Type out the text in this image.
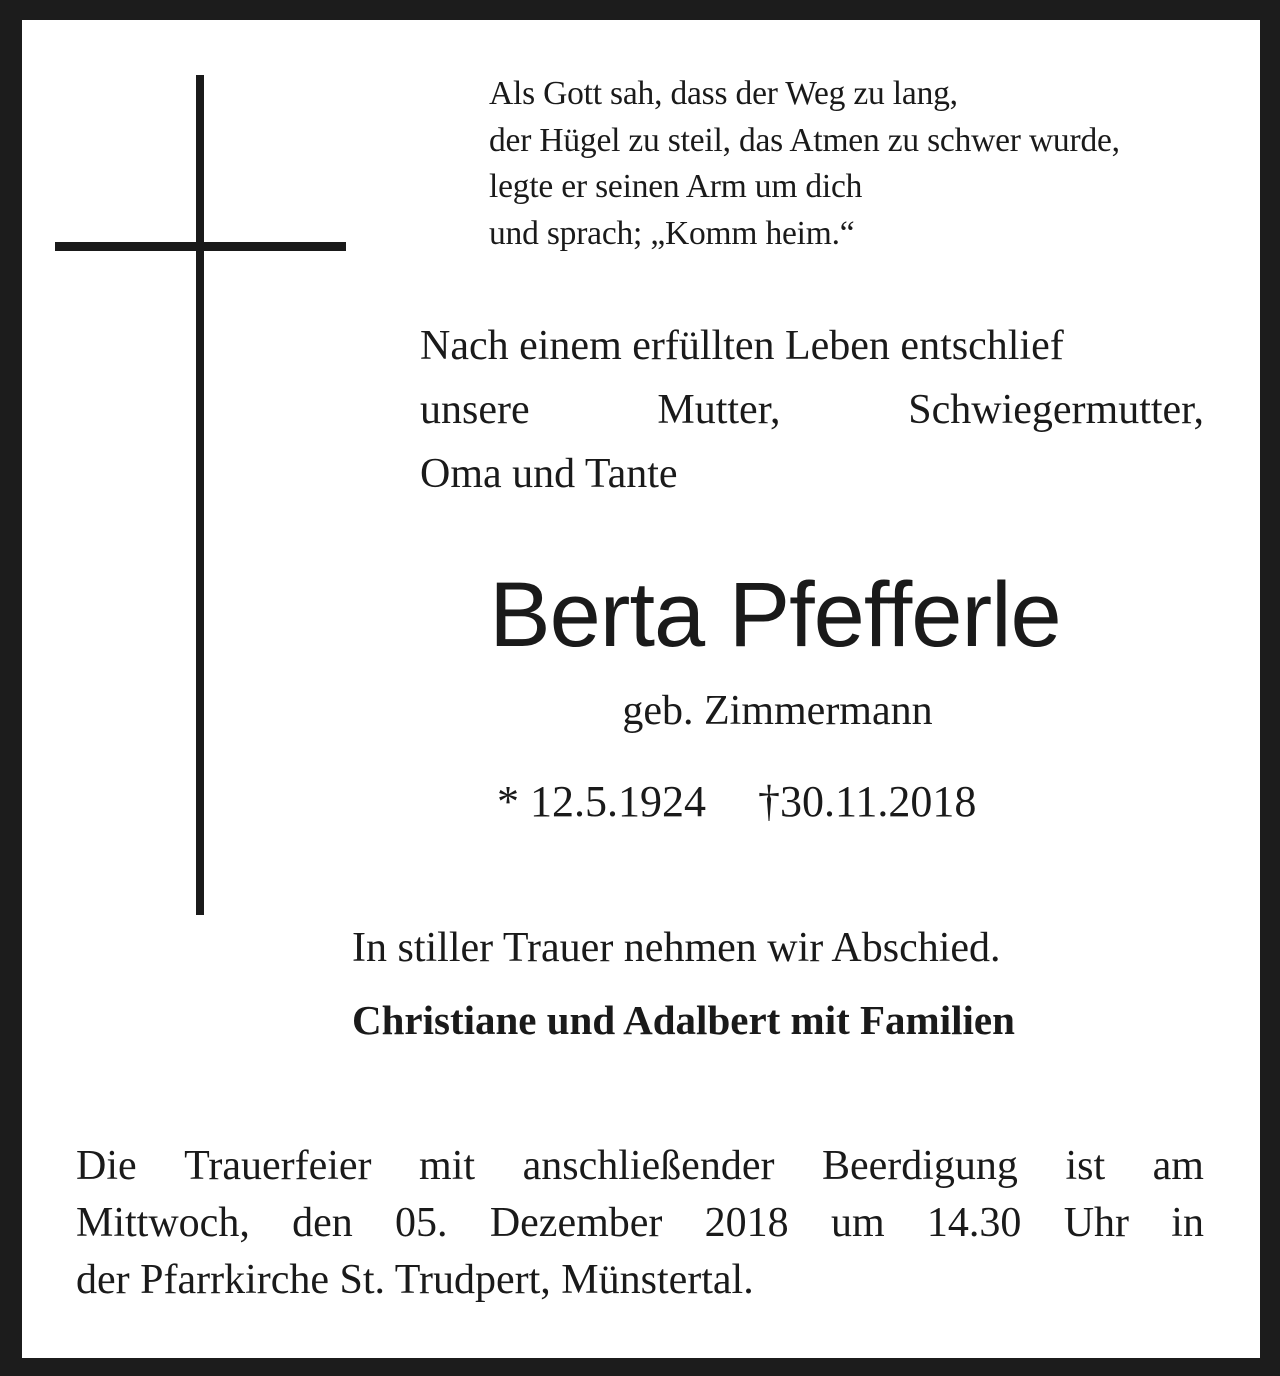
Als Gott sah, dass der Weg zu lang,
der Hügel zu steil, das Atmen zu schwer wurde,
legte er seinen Arm um dich
und sprach; „Komm heim.“
Nach einem erfüllten Leben entschlief
unsere	Mutter,	Schwiegermutter,
Oma und Tante
Berta Pfefferle
geb. Zimmermann
* 12.5.1924 †30.11.2018
In stiller Trauer nehmen wir Abschied.
Christiane und Adalbert mit Familien
Die Trauerfeier mit anschließender Beerdigung ist am
Mittwoch, den 05. Dezember 2018 um 14.30 Uhr in
der Pfarrkirche St. Trudpert, Münstertal.
